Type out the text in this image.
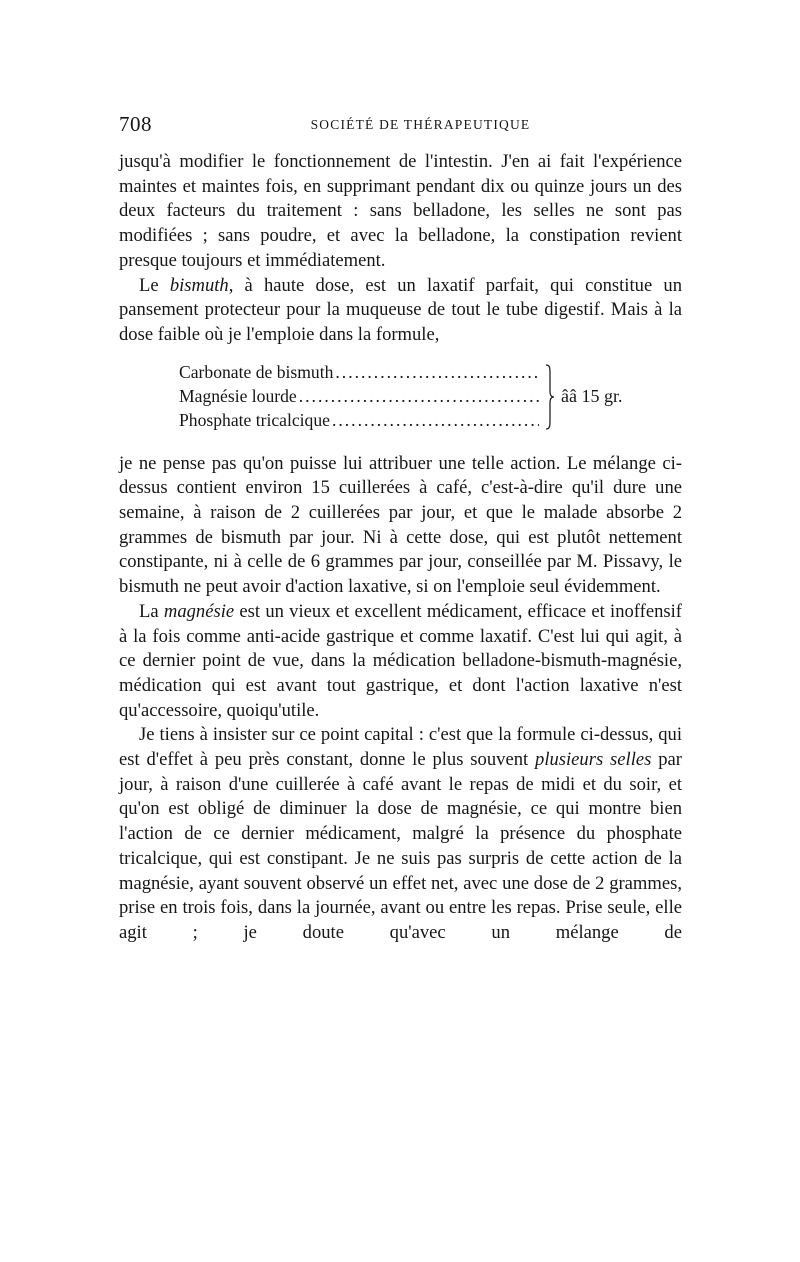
708	SOCIÉTÉ DE THÉRAPEUTIQUE

jusqu'à modifier le fonctionnement de l'intestin. J'en ai fait l'expérience maintes et maintes fois, en supprimant pendant dix ou quinze jours un des deux facteurs du traitement : sans belladone, les selles ne sont pas modifiées ; sans poudre, et avec la belladone, la constipation revient presque toujours et immédiatement.

Le bismuth, à haute dose, est un laxatif parfait, qui constitue un pansement protecteur pour la muqueuse de tout le tube digestif. Mais à la dose faible où je l'emploie dans la formule,

Carbonate de bismuth
.....
Magnésie lourde
.....
Phosphate tricalcique
.....
ââ 15 gr.

je ne pense pas qu'on puisse lui attribuer une telle action. Le mélange ci-dessus contient environ 15 cuillerées à café, c'est-à-dire qu'il dure une semaine, à raison de 2 cuillerées par jour, et que le malade absorbe 2 grammes de bismuth par jour. Ni à cette dose, qui est plutôt nettement constipante, ni à celle de 6 grammes par jour, conseillée par M. Pissavy, le bismuth ne peut avoir d'action laxative, si on l'emploie seul évidemment.

La magnésie est un vieux et excellent médicament, efficace et inoffensif à la fois comme anti-acide gastrique et comme laxatif. C'est lui qui agit, à ce dernier point de vue, dans la médication belladone-bismuth-magnésie, médication qui est avant tout gastrique, et dont l'action laxative n'est qu'accessoire, quoiqu'utile.

Je tiens à insister sur ce point capital : c'est que la formule ci-dessus, qui est d'effet à peu près constant, donne le plus souvent plusieurs selles par jour, à raison d'une cuillerée à café avant le repas de midi et du soir, et qu'on est obligé de diminuer la dose de magnésie, ce qui montre bien l'action de ce dernier médicament, malgré la présence du phosphate tricalcique, qui est constipant. Je ne suis pas surpris de cette action de la magnésie, ayant souvent observé un effet net, avec une dose de 2 grammes, prise en trois fois, dans la journée, avant ou entre les repas. Prise seule, elle agit ; je doute qu'avec un mélange de
